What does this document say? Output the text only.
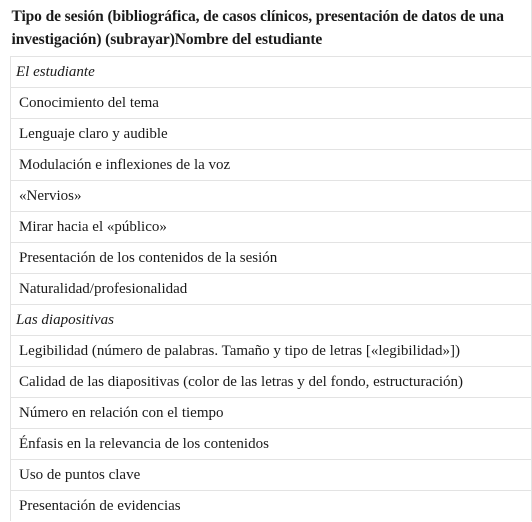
Tipo de sesión (bibliográfica, de casos clínicos, presentación de datos de una investigación) (subrayar)Nombre del estudiante
El estudiante
Conocimiento del tema
Lenguaje claro y audible
Modulación e inflexiones de la voz
«Nervios»
Mirar hacia el «público»
Presentación de los contenidos de la sesión
Naturalidad/profesionalidad
Las diapositivas
Legibilidad (número de palabras. Tamaño y tipo de letras [«legibilidad»])
Calidad de las diapositivas (color de las letras y del fondo, estructuración)
Número en relación con el tiempo
Énfasis en la relevancia de los contenidos
Uso de puntos clave
Presentación de evidencias
